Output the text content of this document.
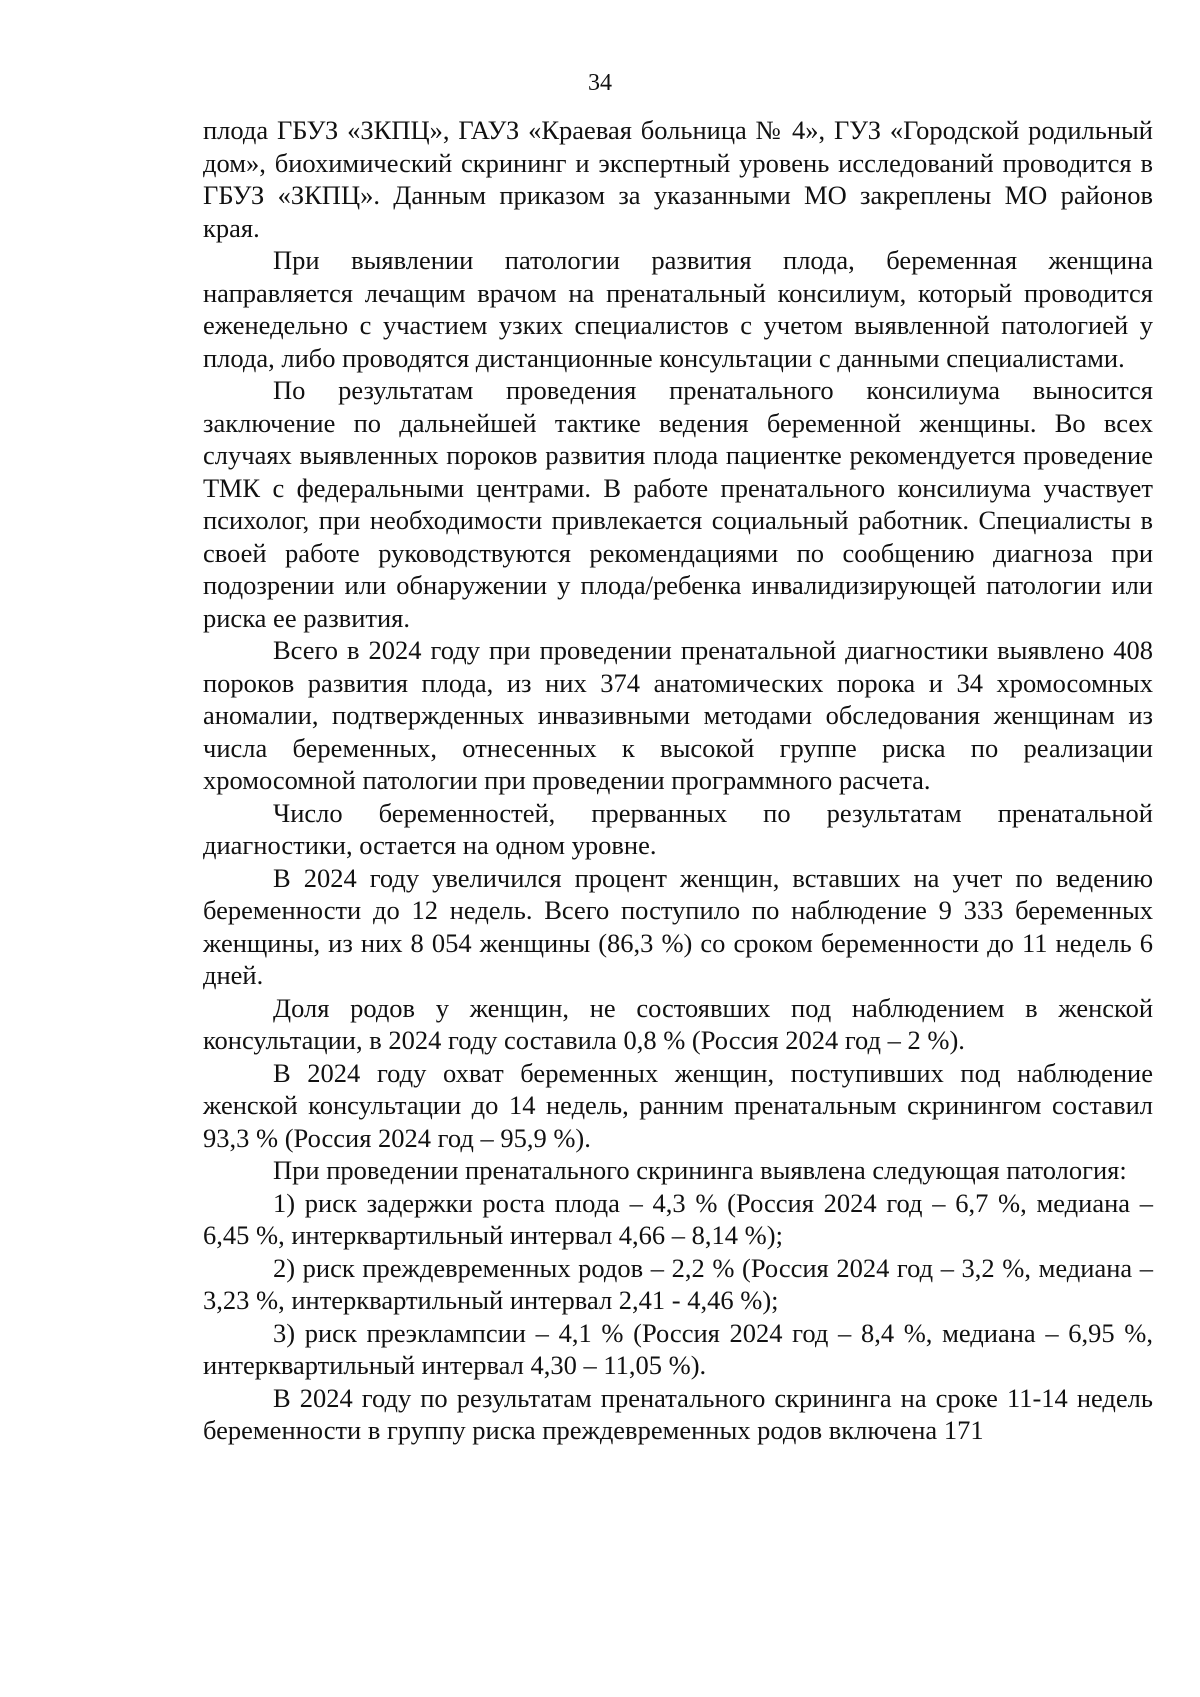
34

плода ГБУЗ «ЗКПЦ», ГАУЗ «Краевая больница № 4», ГУЗ «Городской родильный дом», биохимический скрининг и экспертный уровень исследований проводится в ГБУЗ «ЗКПЦ». Данным приказом за указанными МО закреплены МО районов края.

При выявлении патологии развития плода, беременная женщина направляется лечащим врачом на пренатальный консилиум, который проводится еженедельно с участием узких специалистов с учетом выявленной патологией у плода, либо проводятся дистанционные консультации с данными специалистами.

По результатам проведения пренатального консилиума выносится заключение по дальнейшей тактике ведения беременной женщины. Во всех случаях выявленных пороков развития плода пациентке рекомендуется проведение ТМК с федеральными центрами. В работе пренатального консилиума участвует психолог, при необходимости привлекается социальный работник. Специалисты в своей работе руководствуются рекомендациями по сообщению диагноза при подозрении или обнаружении у плода/ребенка инвалидизирующей патологии или риска ее развития.

Всего в 2024 году при проведении пренатальной диагностики выявлено 408 пороков развития плода, из них 374 анатомических порока и 34 хромосомных аномалии, подтвержденных инвазивными методами обследования женщинам из числа беременных, отнесенных к высокой группе риска по реализации хромосомной патологии при проведении программного расчета.

Число беременностей, прерванных по результатам пренатальной диагностики, остается на одном уровне.

В 2024 году увеличился процент женщин, вставших на учет по ведению беременности до 12 недель. Всего поступило по наблюдение 9 333 беременных женщины, из них 8 054 женщины (86,3 %) со сроком беременности до 11 недель 6 дней.

Доля родов у женщин, не состоявших под наблюдением в женской консультации, в 2024 году составила 0,8 % (Россия 2024 год – 2 %).

В 2024 году охват беременных женщин, поступивших под наблюдение женской консультации до 14 недель, ранним пренатальным скринингом составил 93,3 % (Россия 2024 год – 95,9 %).

При проведении пренатального скрининга выявлена следующая патология:

1) риск задержки роста плода – 4,3 % (Россия 2024 год – 6,7 %, медиана – 6,45 %, интерквартильный интервал 4,66 – 8,14 %);

2) риск преждевременных родов – 2,2 % (Россия 2024 год – 3,2 %, медиана – 3,23 %, интерквартильный интервал 2,41 - 4,46 %);

3) риск преэклампсии – 4,1 % (Россия 2024 год – 8,4 %, медиана – 6,95 %, интерквартильный интервал 4,30 – 11,05 %).

В 2024 году по результатам пренатального скрининга на сроке 11-14 недель беременности в группу риска преждевременных родов включена 171
